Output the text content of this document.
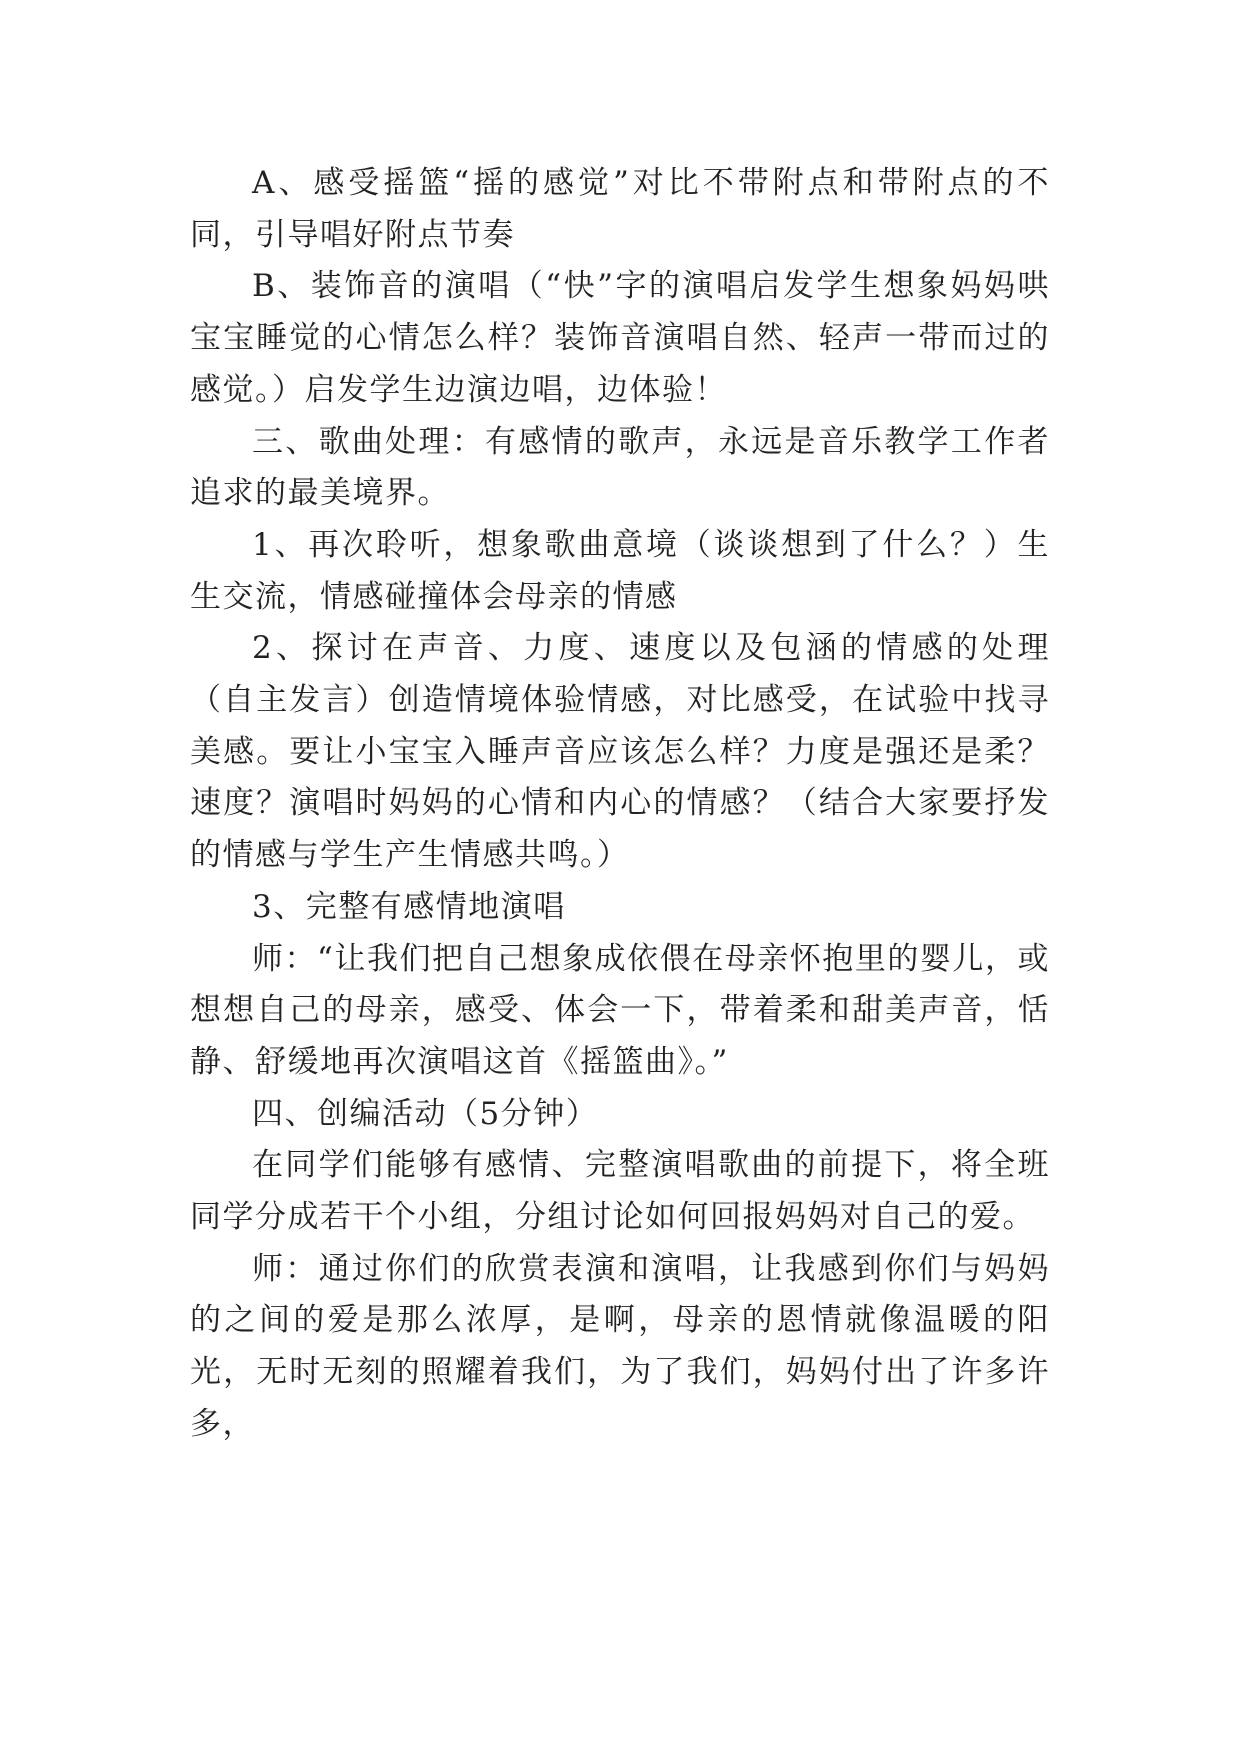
A、感受摇篮“摇的感觉”对比不带附点和带附点的不同，引导唱好附点节奏

B、装饰音的演唱（“快”字的演唱启发学生想象妈妈哄宝宝睡觉的心情怎么样？装饰音演唱自然、轻声一带而过的感觉。）启发学生边演边唱，边体验！

三、歌曲处理：有感情的歌声，永远是音乐教学工作者追求的最美境界。

1、再次聆听，想象歌曲意境（谈谈想到了什么？）生生交流，情感碰撞体会母亲的情感

2、探讨在声音、力度、速度以及包涵的情感的处理（自主发言）创造情境体验情感，对比感受，在试验中找寻美感。要让小宝宝入睡声音应该怎么样？力度是强还是柔？速度？演唱时妈妈的心情和内心的情感？（结合大家要抒发的情感与学生产生情感共鸣。）

3、完整有感情地演唱

师：“让我们把自己想象成依偎在母亲怀抱里的婴儿，或想想自己的母亲，感受、体会一下，带着柔和甜美声音，恬静、舒缓地再次演唱这首《摇篮曲》。”

四、创编活动（5分钟）

在同学们能够有感情、完整演唱歌曲的前提下，将全班同学分成若干个小组，分组讨论如何回报妈妈对自己的爱。

师：通过你们的欣赏表演和演唱，让我感到你们与妈妈的之间的爱是那么浓厚，是啊，母亲的恩情就像温暖的阳光，无时无刻的照耀着我们，为了我们，妈妈付出了许多许多，
